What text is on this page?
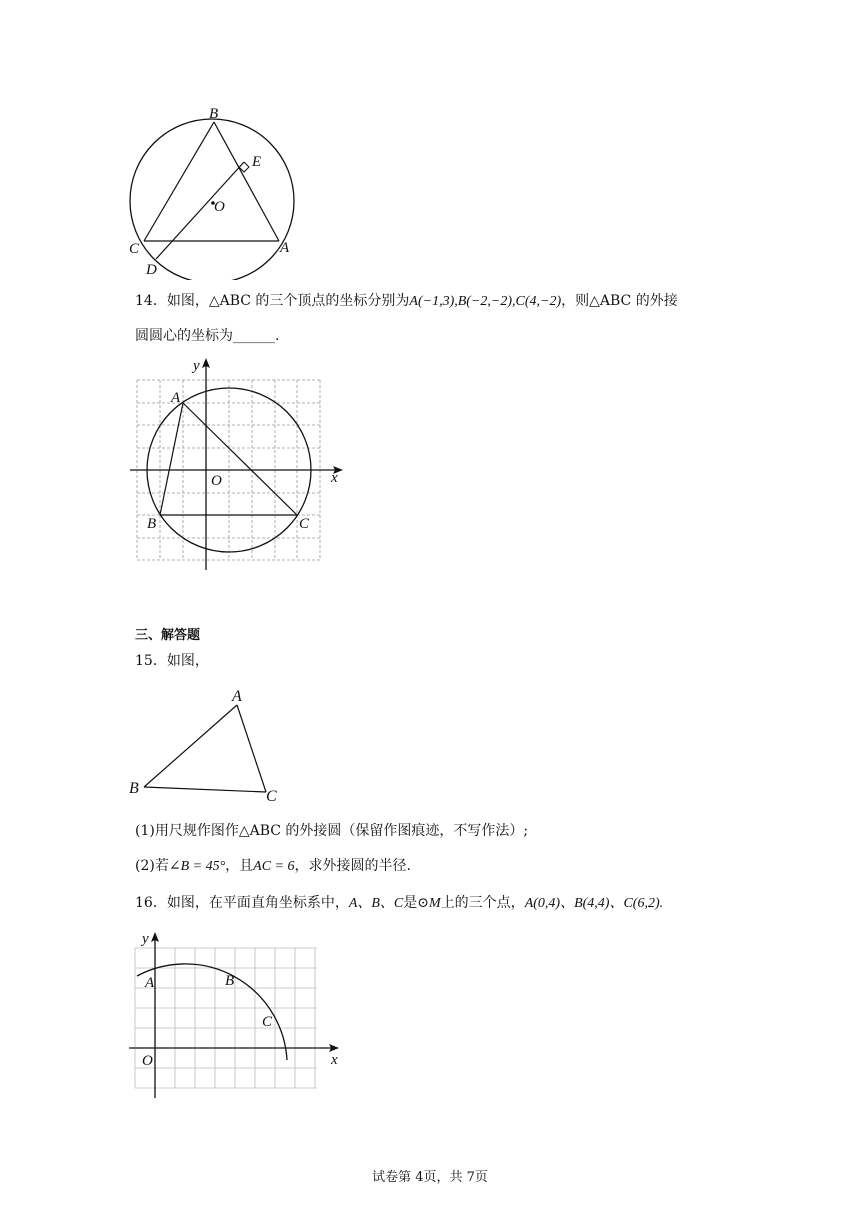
B
E
O
C	A
D
14．如图，△ABC 的三个顶点的坐标分别为A(−1,3),B(−2,−2),C(4,−2)，则△ABC 的外接
圆圆心的坐标为______.
y
x
O
A
B	C
三、解答题
15．如图，
A
B	C
(1)用尺规作图作△ABC 的外接圆（保留作图痕迹，不写作法）;
(2)若∠B = 45°，且AC = 6，求外接圆的半径.
16．如图，在平面直角坐标系中，A、B、C是⊙M上的三个点，A(0,4)、B(4,4)、C(6,2).
y
x
O
A	B
C
试卷第 4页，共 7页
